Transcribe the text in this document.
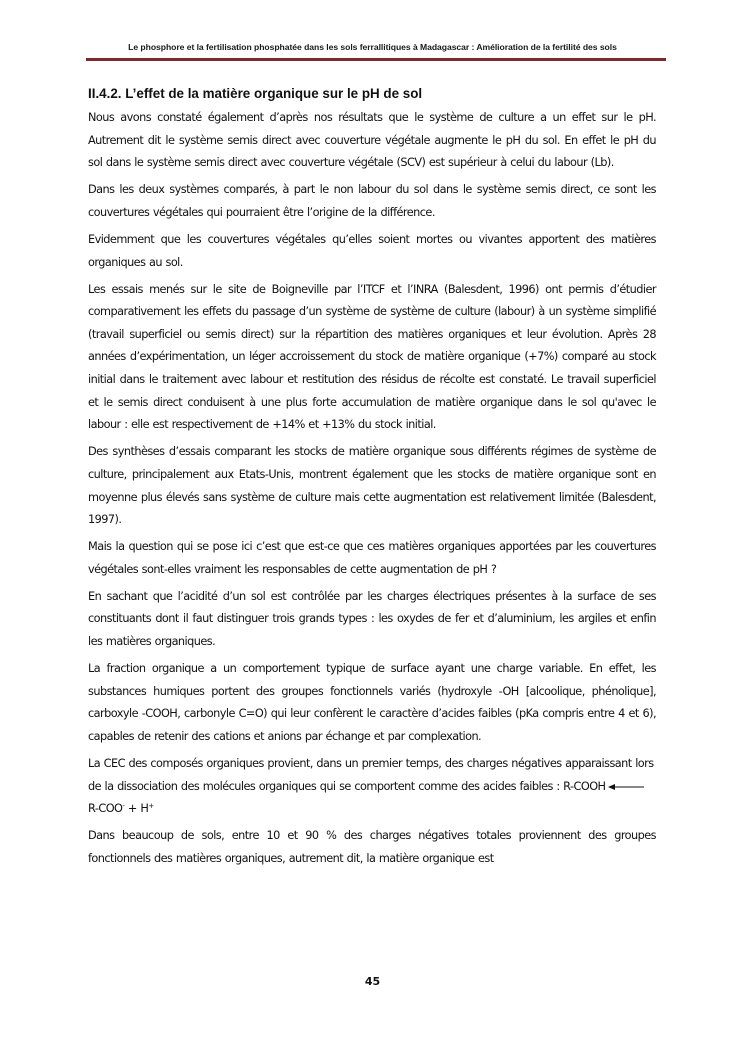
Le phosphore et la fertilisation phosphatée dans les sols ferrallitiques à Madagascar : Amélioration de la fertilité des sols
II.4.2. L’effet de la matière organique sur le pH de sol

Nous avons constaté également d’après nos résultats que le système de culture a un effet sur le pH. Autrement dit le système semis direct avec couverture végétale augmente le pH du sol. En effet le pH du sol dans le système semis direct avec couverture végétale (SCV) est supérieur à celui du labour (Lb).

Dans les deux systèmes comparés, à part le non labour du sol dans le système semis direct, ce sont les couvertures végétales qui pourraient être l’origine de la différence.

Evidemment que les couvertures végétales qu’elles soient mortes ou vivantes apportent des matières organiques au sol.

Les essais menés sur le site de Boigneville par l’ITCF et l’INRA (Balesdent, 1996) ont permis d’étudier comparativement les effets du passage d’un système de système de culture (labour) à un système simplifié (travail superficiel ou semis direct) sur la répartition des matières organiques et leur évolution. Après 28 années d’expérimentation, un léger accroissement du stock de matière organique (+7%) comparé au stock initial dans le traitement avec labour et restitution des résidus de récolte est constaté. Le travail superficiel et le semis direct conduisent à une plus forte accumulation de matière organique dans le sol qu'avec le labour : elle est respectivement de +14% et +13% du stock initial.

Des synthèses d’essais comparant les stocks de matière organique sous différents régimes de système de culture, principalement aux Etats-Unis, montrent également que les stocks de matière organique sont en moyenne plus élevés sans système de culture mais cette augmentation est relativement limitée (Balesdent, 1997).

Mais la question qui se pose ici c’est que est-ce que ces matières organiques apportées par les couvertures végétales sont-elles vraiment les responsables de cette augmentation de pH ?

En sachant que l’acidité d’un sol est contrôlée par les charges électriques présentes à la surface de ses constituants dont il faut distinguer trois grands types : les oxydes de fer et d’aluminium, les argiles et enfin les matières organiques.

La fraction organique a un comportement typique de surface ayant une charge variable. En effet, les substances humiques portent des groupes fonctionnels variés (hydroxyle -OH [alcoolique, phénolique], carboxyle -COOH, carbonyle C=O) qui leur confèrent le caractère d’acides faibles (pKa compris entre 4 et 6), capables de retenir des cations et anions par échange et par complexation.

La CEC des composés organiques provient, dans un premier temps, des charges négatives apparaissant lors de la dissociation des molécules organiques qui se comportent comme des acides faibles : R-COOHR-COO- + H+

Dans beaucoup de sols, entre 10 et 90 % des charges négatives totales proviennent des groupes fonctionnels des matières organiques, autrement dit, la matière organique est

45
